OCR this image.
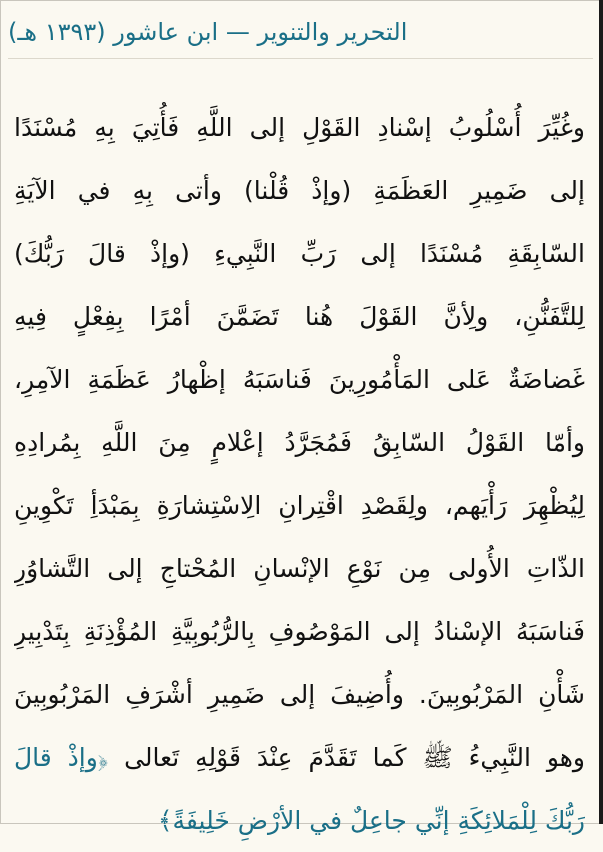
التحرير والتنوير — ابن عاشور (١٣٩٣ هـ)
وغُيِّرَ أُسْلُوبُ إسْنادِ القَوْلِ إلى اللَّهِ فَأُتِيَ بِهِ مُسْنَدًا
إلى ضَمِيرِ العَظَمَةِ (وإذْ قُلْنا) وأتى بِهِ في الآيَةِ
السّابِقَةِ مُسْنَدًا إلى رَبِّ النَّبِيءِ (وإذْ قالَ رَبُّكَ)
لِلتَّفَنُّنِ، ولِأنَّ القَوْلَ هُنا تَضَمَّنَ أمْرًا بِفِعْلٍ فِيهِ
غَضاضَةٌ عَلى المَأْمُورِينَ فَناسَبَهُ إظْهارُ عَظَمَةِ الآمِرِ،
وأمّا القَوْلُ السّابِقُ فَمُجَرَّدُ إعْلامٍ مِنَ اللَّهِ بِمُرادِهِ
لِيُظْهِرَ رَأْيَهم، ولِقَصْدِ اقْتِرانِ الِاسْتِشارَةِ بِمَبْدَأِ تَكْوِينِ
الذّاتِ الأُولى مِن نَوْعِ الإنْسانِ المُحْتاجِ إلى التَّشاوُرِ
فَناسَبَهُ الإسْنادُ إلى المَوْصُوفِ بِالرُّبُوبِيَّةِ المُؤْذِنَةِ بِتَدْبِيرِ
شَأْنِ المَرْبُوبِينَ. وأُضِيفَ إلى ضَمِيرِ أشْرَفِ المَرْبُوبِينَ
وهو النَّبِيءُ ﷺ كَما تَقَدَّمَ عِنْدَ قَوْلِهِ تَعالى ﴿وإذْ قالَ
رَبُّكَ لِلْمَلائِكَةِ إنِّي جاعِلٌ في الأرْضِ خَلِيفَةً﴾
